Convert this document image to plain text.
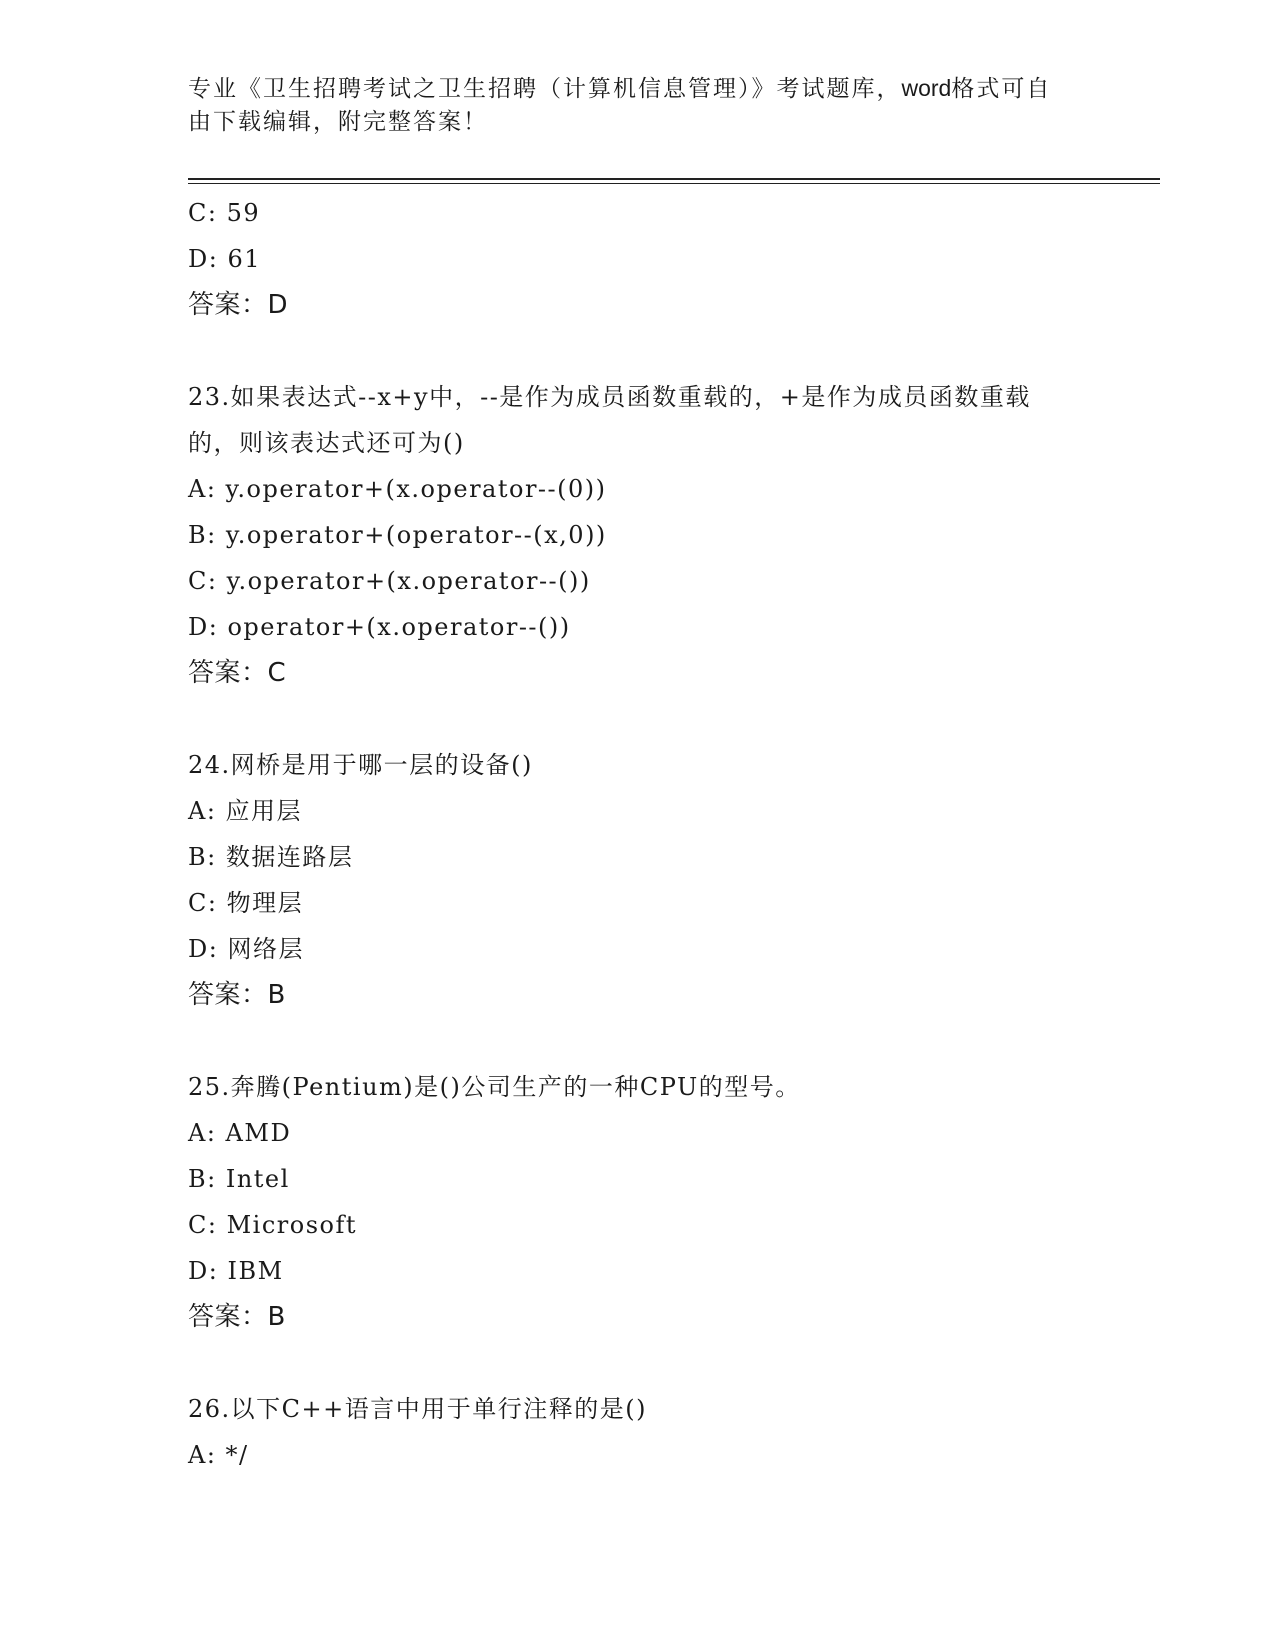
专业《卫生招聘考试之卫生招聘（计算机信息管理）》考试题库，word格式可自
由下载编辑，附完整答案！
C: 59
D: 61
答案：D
23.如果表达式--x+y中，--是作为成员函数重载的，+是作为成员函数重载的，则该表达式还可为()
A: y.operator+(x.operator--(0))
B: y.operator+(operator--(x,0))
C: y.operator+(x.operator--())
D: operator+(x.operator--())
答案：C
24.网桥是用于哪一层的设备()
A: 应用层
B: 数据连路层
C: 物理层
D: 网络层
答案：B
25.奔腾(Pentium)是()公司生产的一种CPU的型号。
A: AMD
B: Intel
C: Microsoft
D: IBM
答案：B
26.以下C++语言中用于单行注释的是()
A: */
